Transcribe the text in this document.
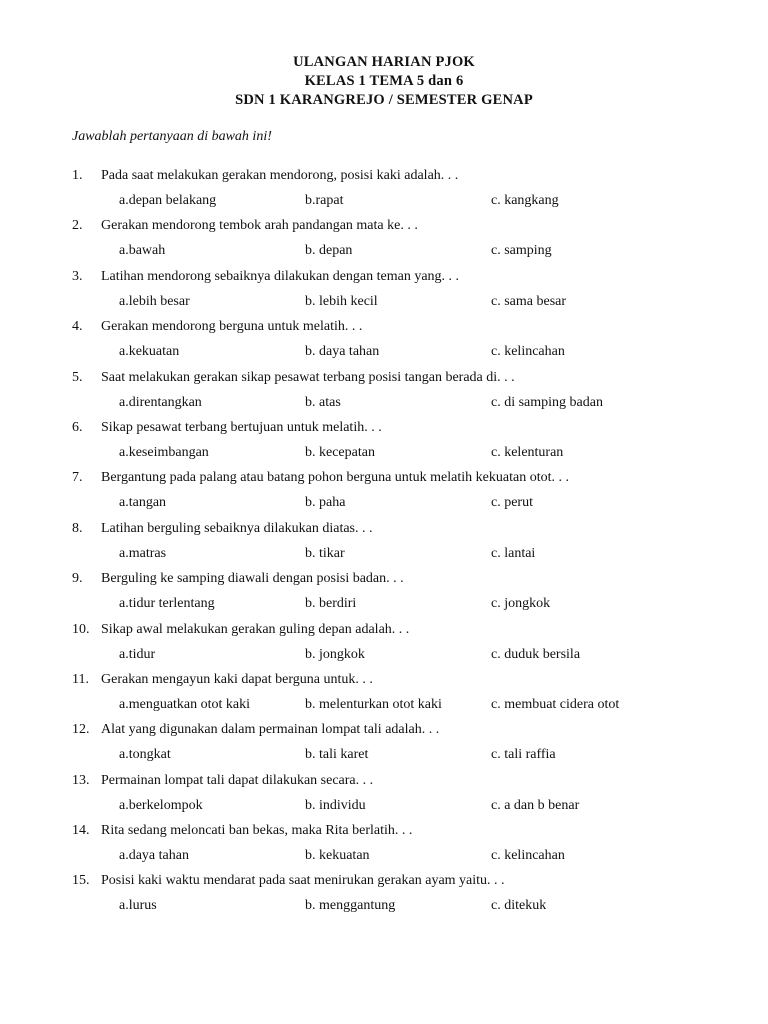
ULANGAN HARIAN PJOK
KELAS 1 TEMA 5 dan 6
SDN 1 KARANGREJO / SEMESTER GENAP
Jawablah pertanyaan di bawah ini!
1. Pada saat melakukan gerakan mendorong, posisi kaki adalah. . .
a.depan belakang	b.rapat	c. kangkang
2. Gerakan mendorong tembok arah pandangan mata ke. . .
a.bawah	b. depan	c. samping
3. Latihan mendorong sebaiknya dilakukan dengan teman yang. . .
a.lebih besar	b. lebih kecil	c. sama besar
4. Gerakan mendorong berguna untuk melatih. . .
a.kekuatan	b. daya tahan	c. kelincahan
5. Saat melakukan gerakan sikap pesawat terbang posisi tangan berada di. . .
a.direntangkan	b. atas	c. di samping badan
6. Sikap pesawat terbang bertujuan untuk melatih. . .
a.keseimbangan	b. kecepatan	c. kelenturan
7. Bergantung pada palang atau batang pohon berguna untuk melatih kekuatan otot. . .
a.tangan	b. paha	c. perut
8. Latihan berguling sebaiknya dilakukan diatas. . .
a.matras	b. tikar	c. lantai
9. Berguling ke samping diawali dengan posisi badan. . .
a.tidur terlentang	b. berdiri	c. jongkok
10. Sikap awal melakukan gerakan guling depan adalah. . .
a.tidur	b. jongkok	c. duduk bersila
11. Gerakan mengayun kaki dapat berguna untuk. . .
a.menguatkan otot kaki	b. melenturkan otot kaki	c. membuat cidera otot
12. Alat yang digunakan dalam permainan lompat tali adalah. . .
a.tongkat	b. tali karet	c. tali raffia
13. Permainan lompat tali dapat dilakukan secara. . .
a.berkelompok	b. individu	c. a dan b benar
14. Rita sedang meloncati ban bekas, maka Rita berlatih. . .
a.daya tahan	b. kekuatan	c. kelincahan
15. Posisi kaki waktu mendarat pada saat menirukan gerakan ayam yaitu. . .
a.lurus	b. menggantung	c. ditekuk
